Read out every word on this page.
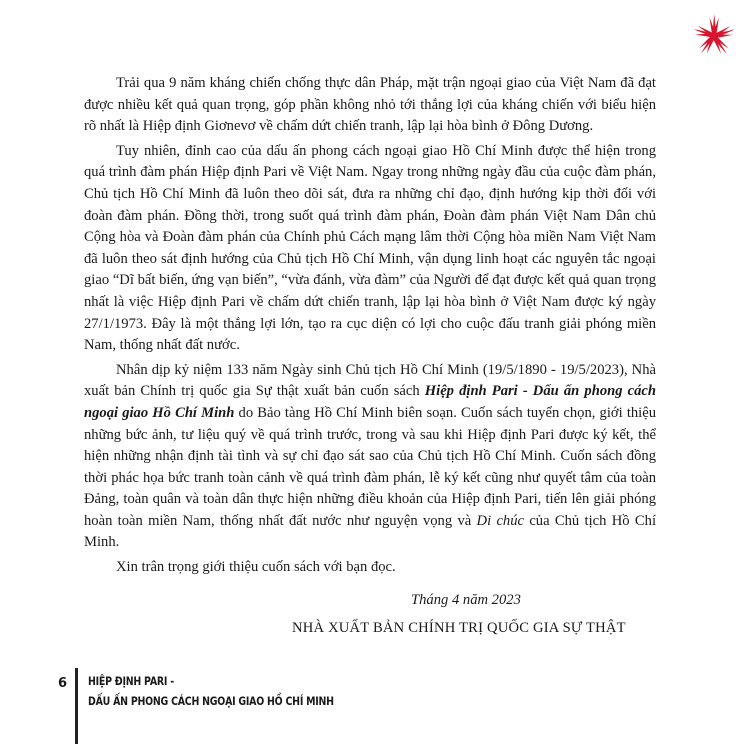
Trải qua 9 năm kháng chiến chống thực dân Pháp, mặt trận ngoại giao của Việt Nam đã đạt được nhiều kết quả quan trọng, góp phần không nhỏ tới thắng lợi của kháng chiến với biểu hiện rõ nhất là Hiệp định Giơnevơ về chấm dứt chiến tranh, lập lại hòa bình ở Đông Dương.

Tuy nhiên, đỉnh cao của dấu ấn phong cách ngoại giao Hồ Chí Minh được thể hiện trong quá trình đàm phán Hiệp định Pari về Việt Nam. Ngay trong những ngày đầu của cuộc đàm phán, Chủ tịch Hồ Chí Minh đã luôn theo dõi sát, đưa ra những chỉ đạo, định hướng kịp thời đối với đoàn đàm phán. Đồng thời, trong suốt quá trình đàm phán, Đoàn đàm phán Việt Nam Dân chủ Cộng hòa và Đoàn đàm phán của Chính phủ Cách mạng lâm thời Cộng hòa miền Nam Việt Nam đã luôn theo sát định hướng của Chủ tịch Hồ Chí Minh, vận dụng linh hoạt các nguyên tắc ngoại giao “Dĩ bất biến, ứng vạn biến”, “vừa đánh, vừa đàm” của Người để đạt được kết quả quan trọng nhất là việc Hiệp định Pari về chấm dứt chiến tranh, lập lại hòa bình ở Việt Nam được ký ngày 27/1/1973. Đây là một thắng lợi lớn, tạo ra cục diện có lợi cho cuộc đấu tranh giải phóng miền Nam, thống nhất đất nước.

Nhân dịp kỷ niệm 133 năm Ngày sinh Chủ tịch Hồ Chí Minh (19/5/1890 - 19/5/2023), Nhà xuất bản Chính trị quốc gia Sự thật xuất bản cuốn sách Hiệp định Pari - Dấu ấn phong cách ngoại giao Hồ Chí Minh do Bảo tàng Hồ Chí Minh biên soạn. Cuốn sách tuyển chọn, giới thiệu những bức ảnh, tư liệu quý về quá trình trước, trong và sau khi Hiệp định Pari được ký kết, thể hiện những nhận định tài tình và sự chỉ đạo sát sao của Chủ tịch Hồ Chí Minh. Cuốn sách đồng thời phác họa bức tranh toàn cảnh về quá trình đàm phán, lễ ký kết cũng như quyết tâm của toàn Đảng, toàn quân và toàn dân thực hiện những điều khoản của Hiệp định Pari, tiến lên giải phóng hoàn toàn miền Nam, thống nhất đất nước như nguyện vọng và Di chúc của Chủ tịch Hồ Chí Minh.

Xin trân trọng giới thiệu cuốn sách với bạn đọc.

Tháng 4 năm 2023
NHÀ XUẤT BẢN CHÍNH TRỊ QUỐC GIA SỰ THẬT
6 HIỆP ĐỊNH PARI -
DẤU ẤN PHONG CÁCH NGOẠI GIAO HỒ CHÍ MINH
